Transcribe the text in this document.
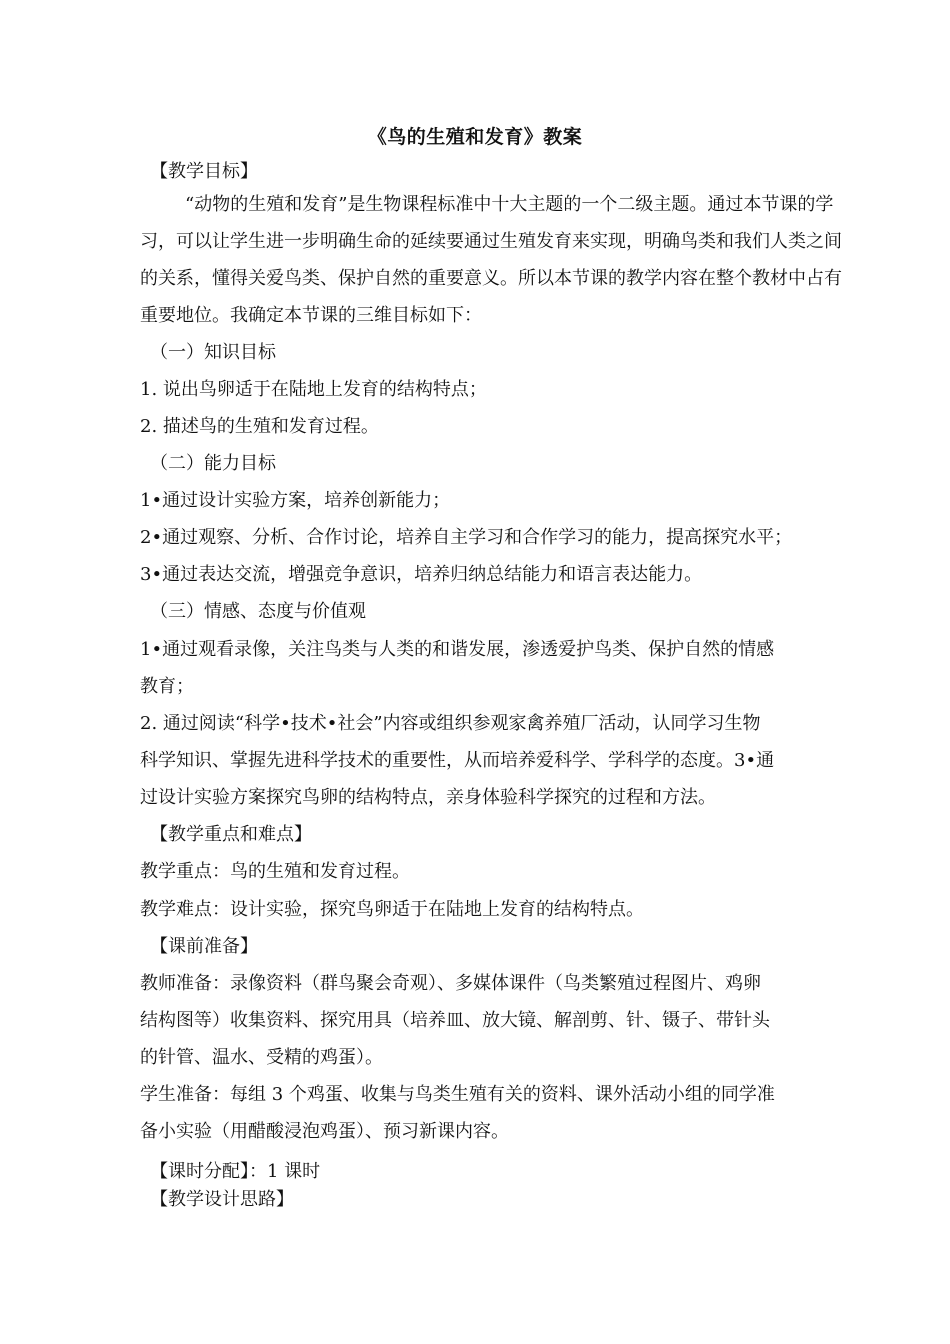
《鸟的生殖和发育》教案
【教学目标】
“动物的生殖和发育”是生物课程标准中十大主题的一个二级主题。通过本节课的学
习，可以让学生进一步明确生命的延续要通过生殖发育来实现，明确鸟类和我们人类之间
的关系，懂得关爱鸟类、保护自然的重要意义。所以本节课的教学内容在整个教材中占有
重要地位。我确定本节课的三维目标如下：
（一）知识目标
1. 说出鸟卵适于在陆地上发育的结构特点；
2. 描述鸟的生殖和发育过程。
（二）能力目标
1•通过设计实验方案，培养创新能力；
2•通过观察、分析、合作讨论，培养自主学习和合作学习的能力，提高探究水平；
3•通过表达交流，增强竞争意识，培养归纳总结能力和语言表达能力。
（三）情感、态度与价值观
1•通过观看录像，关注鸟类与人类的和谐发展，渗透爱护鸟类、保护自然的情感
教育；
2. 通过阅读“科学•技术•社会”内容或组织参观家禽养殖厂活动，认同学习生物
科学知识、掌握先进科学技术的重要性，从而培养爱科学、学科学的态度。3•通
过设计实验方案探究鸟卵的结构特点，亲身体验科学探究的过程和方法。
【教学重点和难点】
教学重点：鸟的生殖和发育过程。
教学难点：设计实验，探究鸟卵适于在陆地上发育的结构特点。
【课前准备】
教师准备：录像资料（群鸟聚会奇观）、多媒体课件（鸟类繁殖过程图片、鸡卵
结构图等）收集资料、探究用具（培养皿、放大镜、解剖剪、针、镊子、带针头
的针管、温水、受精的鸡蛋）。
学生准备：每组 3 个鸡蛋、收集与鸟类生殖有关的资料、课外活动小组的同学准
备小实验（用醋酸浸泡鸡蛋）、预习新课内容。
【课时分配】：1 课时
【教学设计思路】
